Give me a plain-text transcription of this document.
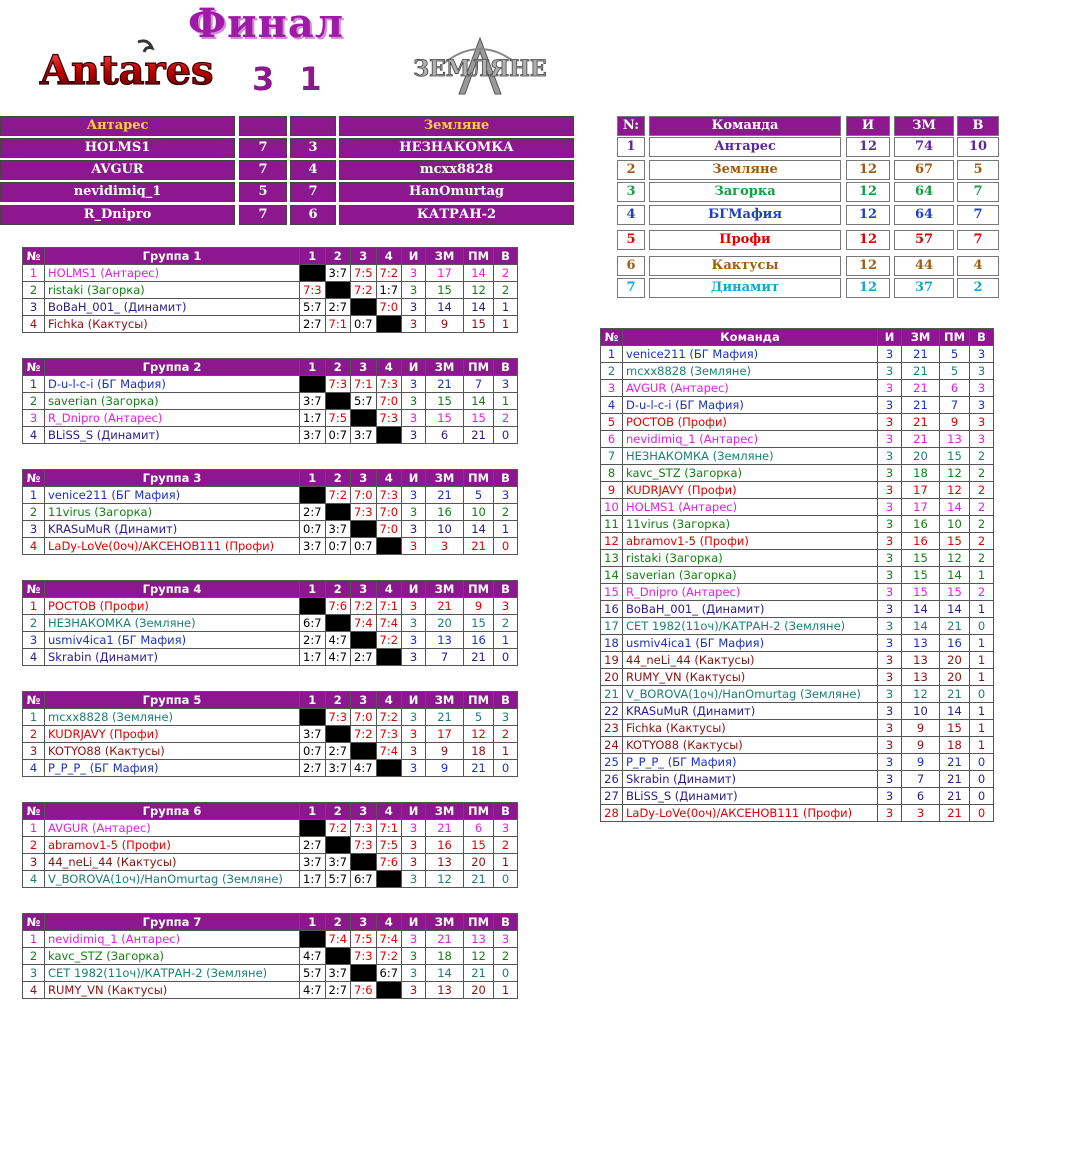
Финал
3 1
Antares	ЗЕМЛЯНЕ
Антарес	Земляне
HOLMS1	7	3	НЕЗНАКОМКА
AVGUR	7	4	mcxx8828
nevidimiq_1	5	7	HanOmurtag
R_Dnipro	7	6	КАТРАН-2
N:	Команда	И	ЗМ	В
1	Антарес	12	74	10
2	Земляне	12	67	5
3	Загорка	12	64	7
4	БГМафия	12	64	7
5	Профи	12	57	7
6	Кактусы	12	44	4
7	Динамит	12	37	2
№	Группа 1	1	2	3	4	И	ЗМ	ПМ	В
1	HOLMS1 (Антарес)		3:7	7:5	7:2	3	17	14	2
2	ristaki (Загорка)	7:3		7:2	1:7	3	15	12	2
3	BoBaH_001_ (Динамит)	5:7	2:7		7:0	3	14	14	1
4	Fichka (Кактусы)	2:7	7:1	0:7		3	9	15	1
№	Группа 2	1	2	3	4	И	ЗМ	ПМ	В
1	D-u-l-c-i (БГ Мафия)		7:3	7:1	7:3	3	21	7	3
2	saverian (Загорка)	3:7		5:7	7:0	3	15	14	1
3	R_Dnipro (Антарес)	1:7	7:5		7:3	3	15	15	2
4	BLiSS_S (Динамит)	3:7	0:7	3:7		3	6	21	0
№	Группа 3	1	2	3	4	И	ЗМ	ПМ	В
1	venice211 (БГ Мафия)		7:2	7:0	7:3	3	21	5	3
2	11virus (Загорка)	2:7		7:3	7:0	3	16	10	2
3	KRASuMuR (Динамит)	0:7	3:7		7:0	3	10	14	1
4	LaDy-LoVe(0оч)/АКСЕНОВ111 (Профи)	3:7	0:7	0:7		3	3	21	0
№	Группа 4	1	2	3	4	И	ЗМ	ПМ	В
1	РОСТОВ (Профи)		7:6	7:2	7:1	3	21	9	3
2	НЕЗНАКОМКА (Земляне)	6:7		7:4	7:4	3	20	15	2
3	usmiv4ica1 (БГ Мафия)	2:7	4:7		7:2	3	13	16	1
4	Skrabin (Динамит)	1:7	4:7	2:7		3	7	21	0
№	Группа 5	1	2	3	4	И	ЗМ	ПМ	В
1	mcxx8828 (Земляне)		7:3	7:0	7:2	3	21	5	3
2	KUDRJAVY (Профи)	3:7		7:2	7:3	3	17	12	2
3	KOTYO88 (Кактусы)	0:7	2:7		7:4	3	9	18	1
4	P_P_P_ (БГ Мафия)	2:7	3:7	4:7		3	9	21	0
№	Группа 6	1	2	3	4	И	ЗМ	ПМ	В
1	AVGUR (Антарес)		7:2	7:3	7:1	3	21	6	3
2	abramov1-5 (Профи)	2:7		7:3	7:5	3	16	15	2
3	44_neLi_44 (Кактусы)	3:7	3:7		7:6	3	13	20	1
4	V_BOROVA(1оч)/HanOmurtag (Земляне)	1:7	5:7	6:7		3	12	21	0
№	Группа 7	1	2	3	4	И	ЗМ	ПМ	В
1	nevidimiq_1 (Антарес)		7:4	7:5	7:4	3	21	13	3
2	kavc_STZ (Загорка)	4:7		7:3	7:2	3	18	12	2
3	CET 1982(11оч)/КАТРАН-2 (Земляне)	5:7	3:7		6:7	3	14	21	0
4	RUMY_VN (Кактусы)	4:7	2:7	7:6		3	13	20	1
№	Команда	И	ЗМ	ПМ	В
1	venice211 (БГ Мафия)	3	21	5	3
2	mcxx8828 (Земляне)	3	21	5	3
3	AVGUR (Антарес)	3	21	6	3
4	D-u-l-c-i (БГ Мафия)	3	21	7	3
5	РОСТОВ (Профи)	3	21	9	3
6	nevidimiq_1 (Антарес)	3	21	13	3
7	НЕЗНАКОМКА (Земляне)	3	20	15	2
8	kavc_STZ (Загорка)	3	18	12	2
9	KUDRJAVY (Профи)	3	17	12	2
10	HOLMS1 (Антарес)	3	17	14	2
11	11virus (Загорка)	3	16	10	2
12	abramov1-5 (Профи)	3	16	15	2
13	ristaki (Загорка)	3	15	12	2
14	saverian (Загорка)	3	15	14	1
15	R_Dnipro (Антарес)	3	15	15	2
16	BoBaH_001_ (Динамит)	3	14	14	1
17	CET 1982(11оч)/КАТРАН-2 (Земляне)	3	14	21	0
18	usmiv4ica1 (БГ Мафия)	3	13	16	1
19	44_neLi_44 (Кактусы)	3	13	20	1
20	RUMY_VN (Кактусы)	3	13	20	1
21	V_BOROVA(1оч)/HanOmurtag (Земляне)	3	12	21	0
22	KRASuMuR (Динамит)	3	10	14	1
23	Fichka (Кактусы)	3	9	15	1
24	KOTYO88 (Кактусы)	3	9	18	1
25	P_P_P_ (БГ Мафия)	3	9	21	0
26	Skrabin (Динамит)	3	7	21	0
27	BLiSS_S (Динамит)	3	6	21	0
28	LaDy-LoVe(0оч)/АКСЕНОВ111 (Профи)	3	3	21	0
